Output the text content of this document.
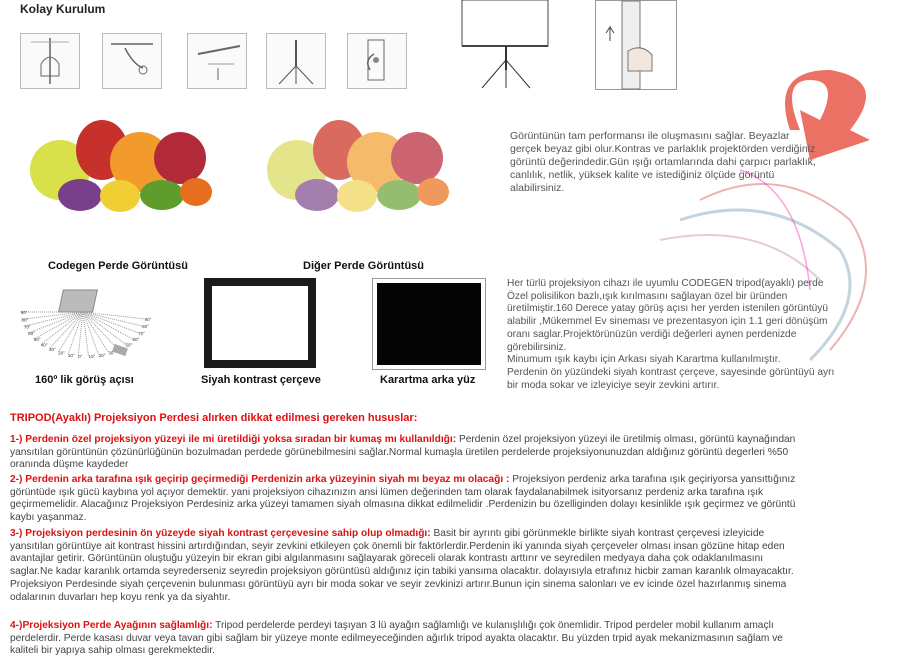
Kolay Kurulum
Görüntünün tam performansı ile oluşmasını sağlar. Beyazlar
gerçek beyaz gibi olur.Kontras ve parlaklık projektörden verdiğiniz
görüntü değerindedir.Gün ışığı ortamlarında dahi çarpıcı parlaklık,
canlılık, netlik, yüksek kalite ve istediğiniz ölçüde görüntü
alabilirsiniz.
Codegen Perde Görüntüsü	Diğer Perde Görüntüsü
90°
80°
70°
60°
50°
30°
20°
10°
0°
10°
20°
30°
40°
50°
60°
70°
80°
90°
160º lik görüş açısı	Siyah kontrast çerçeve	Karartma arka yüz
Her türlü projeksiyon cihazı ile uyumlu CODEGEN tripod(ayaklı) perde
Özel polisilikon bazlı,ışık kırılmasını sağlayan özel bir üründen
üretilmiştir.160 Derece yatay görüş açısı her yerden istenilen görüntüyü
alabilir ,Mükemmel Ev sineması ve prezentasyon için 1.1 geri dönüşüm
oranı saglar.Projektörünüzün verdiği değerleri aynen perdenizde
görebilirsiniz.
Minumum ışık kaybı için Arkası siyah Karartma kullanılmıştır.
Perdenin ön yüzündeki siyah kontrast çerçeve, sayesinde görüntüyü ayrı
bir moda sokar ve izleyiciye seyir zevkini artırır.
TRIPOD(Ayaklı) Projeksiyon Perdesi alırken dikkat edilmesi gereken hususlar:
1-) Perdenin özel projeksiyon yüzeyi ile mi üretildiği yoksa sıradan bir kumaş mı kullanıldığı: Perdenin özel projeksiyon yüzeyi ile üretilmiş olması, görüntü kaynağından
yansıtılan görüntünün çözünürlüğünün bozulmadan perdede görünebilmesini sağlar.Normal kumaşla üretilen perdelerde projeksiyonunuzdan aldığınız görüntü degerleri %50
oranında düşme kaydeder
2-) Perdenin arka tarafına ışık geçirip geçirmediği Perdenizin arka yüzeyinin siyah mı beyaz mı olacağı : Projeksiyon perdeniz arka tarafına ışık geçiriyorsa yansıttığınız
görüntüde ışık gücü kaybına yol açıyor demektir. yani projeksiyon cihazınızın ansi lümen değerinden tam olarak faydalanabilmek isityorsanız perdeniz arka tarafına ışık
geçirmemelidir. Alacağınız Projeksiyon Perdesiniz arka yüzeyi tamamen siyah olmasına dikkat edilmelidir .Perdenizin bu özelliginden dolayı kesinlikle ışık geçirmez ve görüntü
kaybı yaşanmaz.
3-) Projeksiyon perdesinin ön yüzeyde siyah kontrast çerçevesine sahip olup olmadığı: Basit bir ayrıntı gibi görünmekle birlikte siyah kontrast çerçevesi izleyicide
yansıtılan görüntüye ait kontrast hissini artırdığından, seyir zevkini etkileyen çok önemli bir faktörlerdir.Perdenin iki yanında siyah çerçeveler olması insan gözüne hitap eden
avantajlar getirir. Görüntünün oluştuğu yüzeyin bir ekran gibi algılanmasını sağlayarak göreceli olarak kontrastı arttırır ve seyredilen medyaya daha çok odaklanılmasını
saglar.Ne kadar karanlık ortamda seyrederseniz seyredin projeksiyon görüntüsü aldığınız için tabiki yansıma olacaktır. dolayısıyla etrafınız hicbir zaman karanlık olmayacaktır.
Projeksiyon Perdesinde siyah çerçevenin bulunması görüntüyü ayrı bir moda sokar ve seyir zevkinizi artırır.Bunun için sinema salonları ve ev icinde özel hazırlanmış sinema
odalarının duvarları hep koyu renk ya da siyahtır.
4-)Projeksiyon Perde Ayağının sağlamlığı: Tripod perdelerde perdeyi taşıyan 3 lü ayağın sağlamlığı ve kulanışlılığı çok önemlidir. Tripod perdeler mobil kullanım amaçlı
perdelerdir. Perde kasası duvar veya tavan gibi sağlam bir yüzeye monte edilmeyeceğinden ağırlık tripod ayakta olacaktır. Bu yüzden trpid ayak mekanizmasının sağlam ve
kaliteli bir yapıya sahip olması gerekmektedir.
